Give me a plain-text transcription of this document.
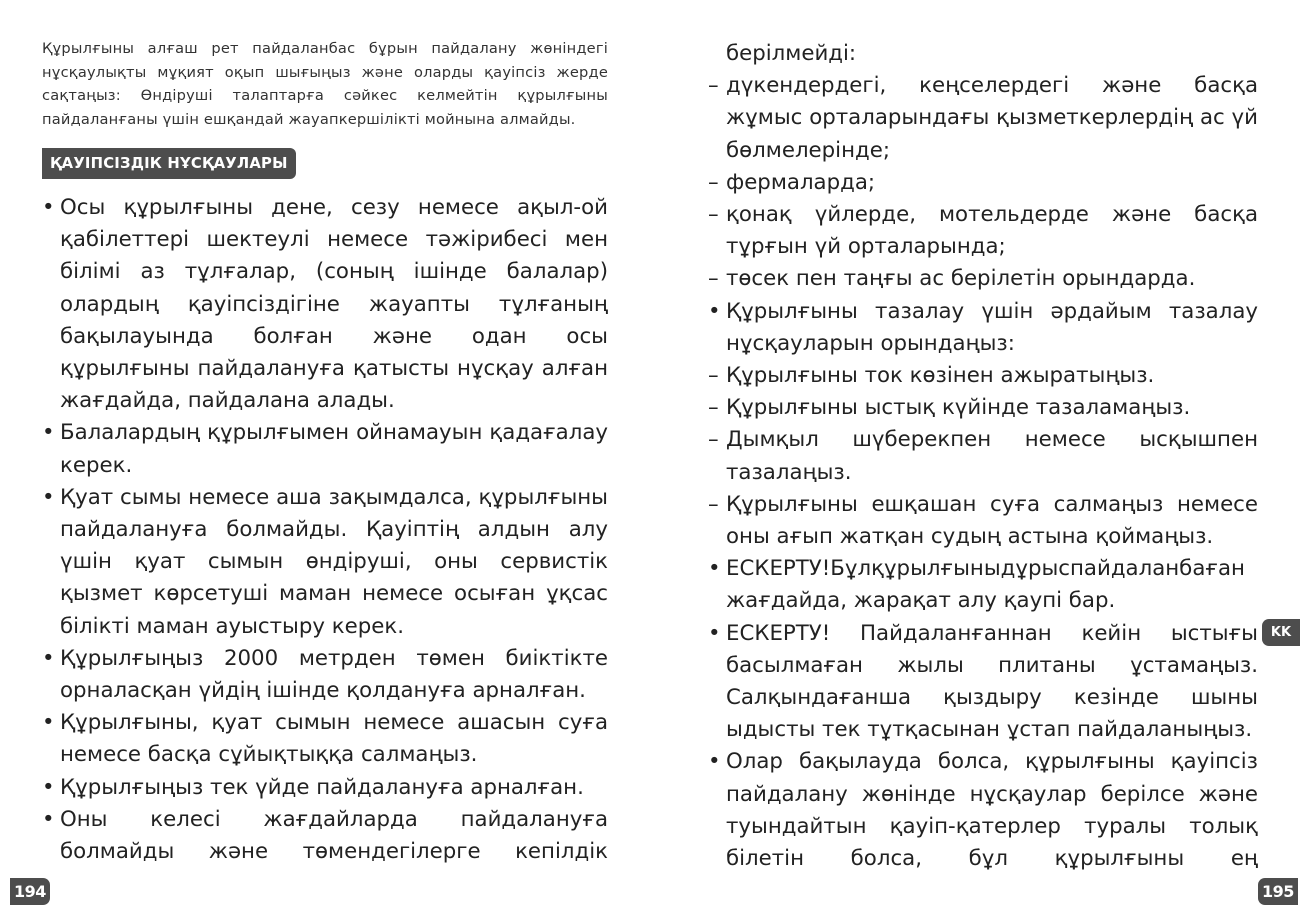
Құрылғыны алғаш рет пайдаланбас бұрын пайдалану жөніндегі нұсқаулықты мұқият оқып шығыңыз және оларды қауіпсіз жерде сақтаңыз: Өндіруші талаптарға сәйкес келмейтін құрылғыны пайдаланғаны үшін ешқандай жауапкершілікті мойнына алмайды.

ҚАУІПСІЗДІК НҰСҚАУЛАРЫ
• Осы құрылғыны дене, сезу немесе ақыл-ой қабілеттері шектеулі немесе тәжірибесі мен білімі аз тұлғалар, (соның ішінде балалар) олардың қауіпсіздігіне жауапты тұлғаның бақылауында болған және одан осы құрылғыны пайдалануға қатысты нұсқау алған жағдайда, пайдалана алады.
• Балалардың құрылғымен ойнамауын қадағалау керек.
• Қуат сымы немесе аша зақымдалса, құрылғыны пайдалануға болмайды. Қауіптің алдын алу үшін қуат сымын өндіруші, оны сервистік қызмет көрсетуші маман немесе осыған ұқсас білікті маман ауыстыру керек.
• Құрылғыңыз 2000 метрден төмен биіктікте орналасқан үйдің ішінде қолдануға арналған.
• Құрылғыны, қуат сымын немесе ашасын суға немесе басқа сұйықтыққа салмаңыз.
• Құрылғыңыз тек үйде пайдалануға арналған.
• Оны келесі жағдайларда пайдалануға болмайды және төмендегілерге кепілдік
194
берілмейді:
– дүкендердегі, кеңселердегі және басқа жұмыс орталарындағы қызметкерлердің ас үй бөлмелерінде;
– фермаларда;
– қонақ үйлерде, мотельдерде және басқа тұрғын үй орталарында;
– төсек пен таңғы ас берілетін орындарда.
• Құрылғыны тазалау үшін әрдайым тазалау нұсқауларын орындаңыз:
– Құрылғыны ток көзінен ажыратыңыз.
– Құрылғыны ыстық күйінде тазаламаңыз.
– Дымқыл шүберекпен немесе ысқышпен тазалаңыз.
– Құрылғыны ешқашан суға салмаңыз немесе оны ағып жатқан судың астына қоймаңыз.
• ЕСКЕРТУ!Бұлқұрылғыныдұрыспайдаланбаған жағдайда, жарақат алу қаупі бар.
• ЕСКЕРТУ! Пайдаланғаннан кейін ыстығы басылмаған жылы плитаны ұстамаңыз. Салқындағанша қыздыру кезінде шыны ыдысты тек тұтқасынан ұстап пайдаланыңыз.
• Олар бақылауда болса, құрылғыны қауіпсіз пайдалану жөнінде нұсқаулар берілсе және туындайтын қауіп-қатерлер туралы толық білетін болса, бұл құрылғыны ең
KK
195
